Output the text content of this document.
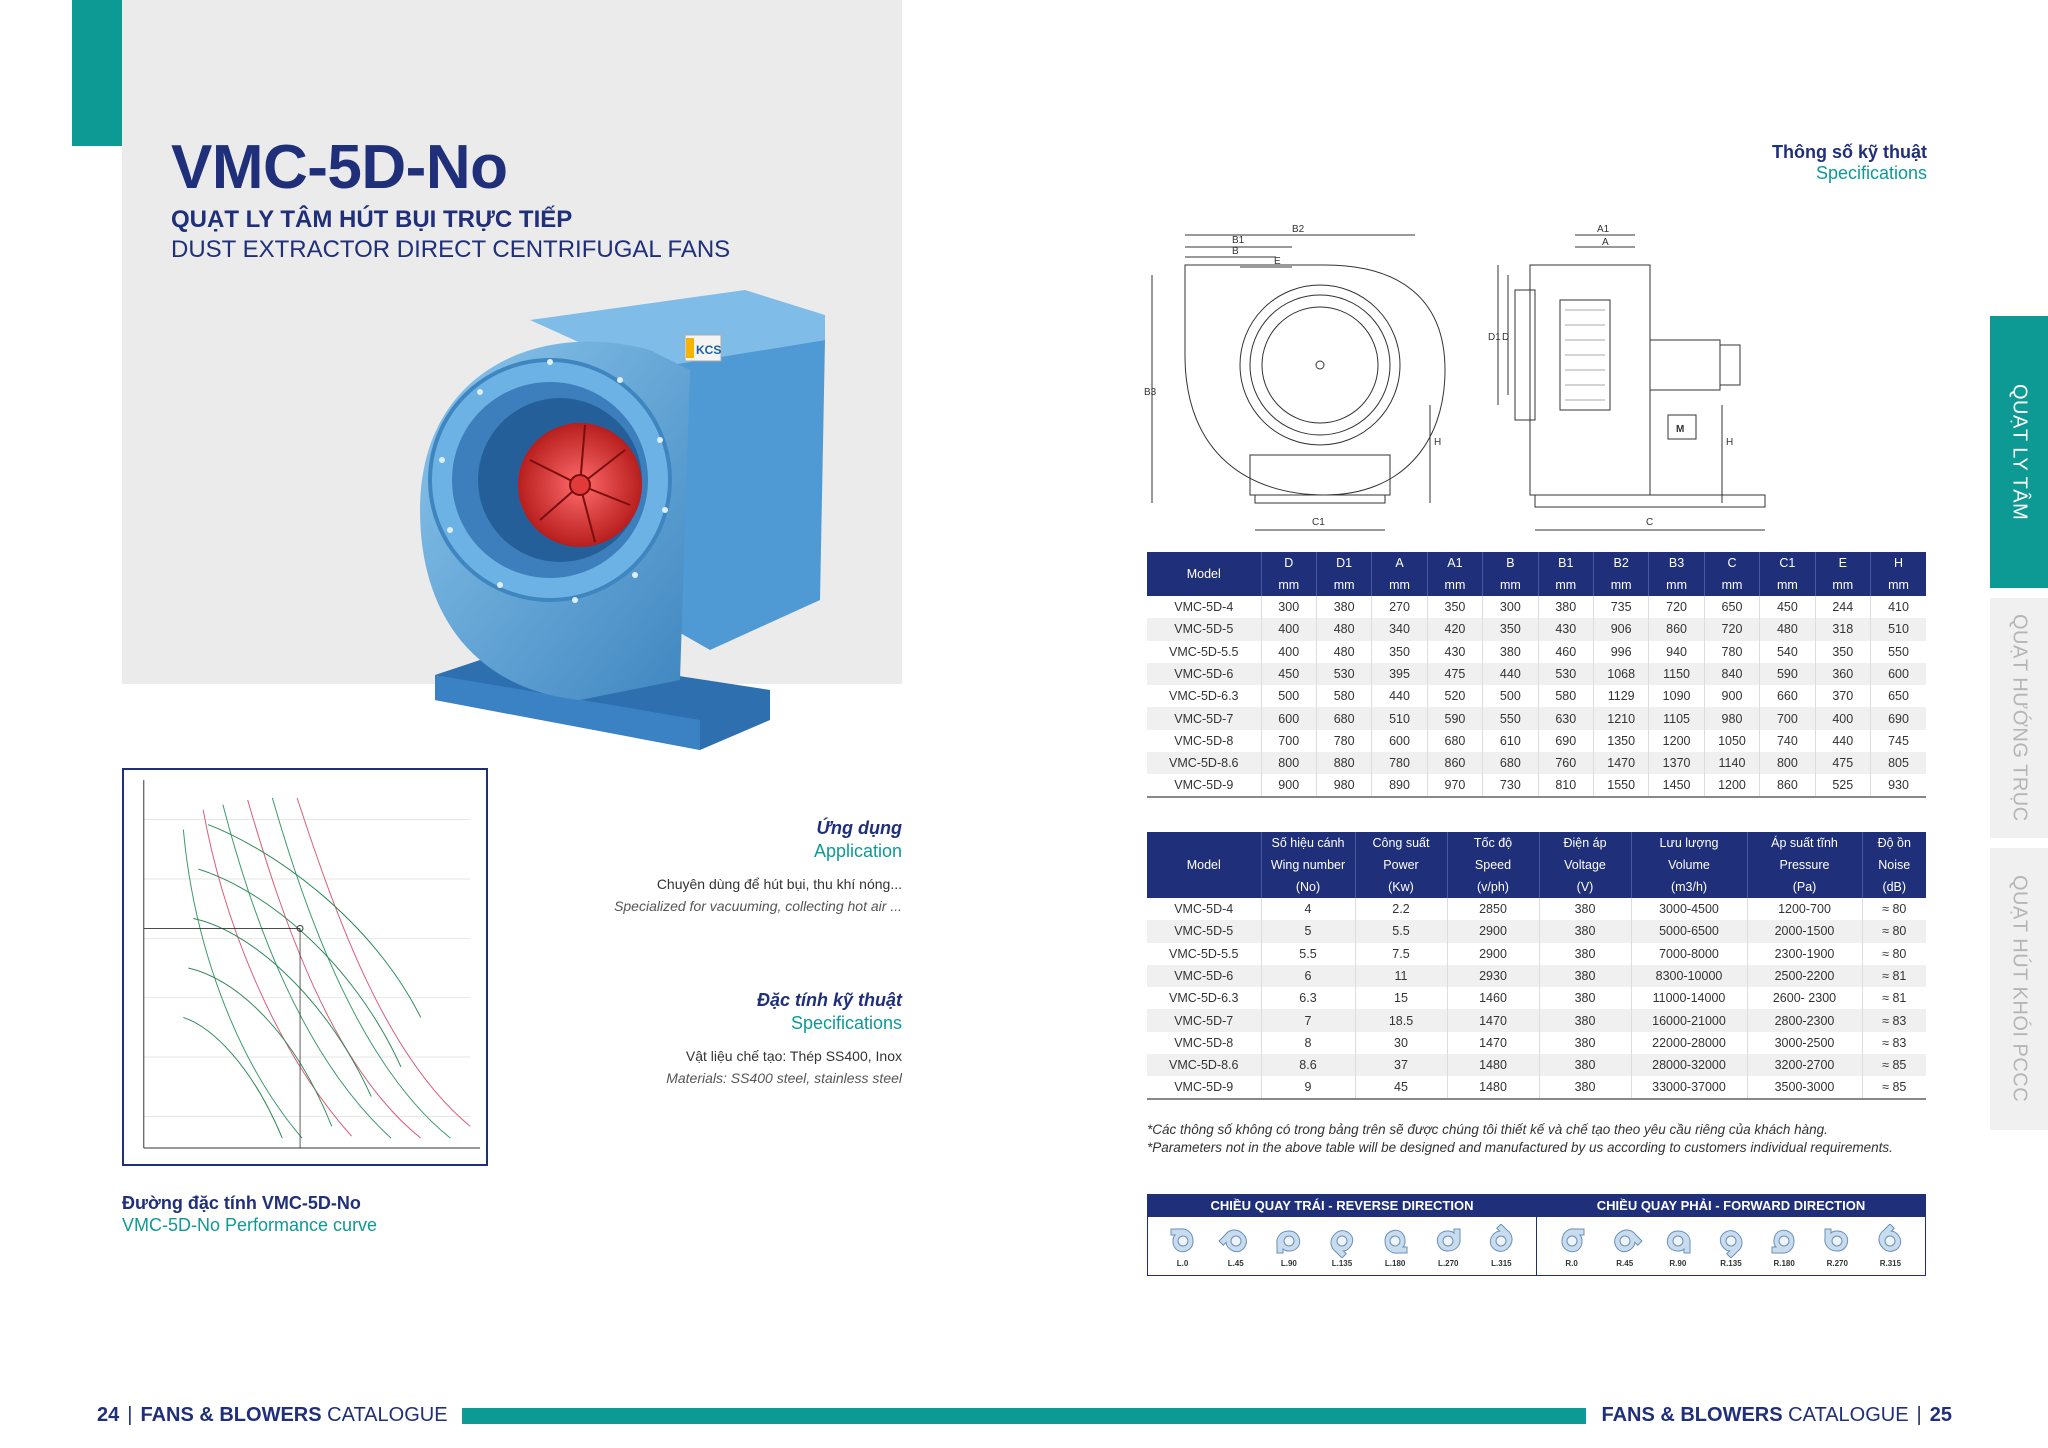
VMC-5D-No
QUẠT LY TÂM HÚT BỤI TRỰC TIẾP
DUST EXTRACTOR DIRECT CENTRIFUGAL FANS
KCS
Đường đặc tính VMC-5D-No
VMC-5D-No Performance curve
Ứng dụng
Application
Chuyên dùng để hút bụi, thu khí nóng...
Specialized for vacuuming, collecting hot air ...
Đặc tính kỹ thuật
Specifications
Vật liệu chế tạo: Thép SS400, Inox
Materials: SS400 steel, stainless steel
Thông số kỹ thuật
Specifications
B2
B1
B
E
B3
H
C1
A1
A
D1 D
H
C
M
Model	D	D1	A	A1	B	B1	B2	B3	C	C1	E	H
	mm	mm	mm	mm	mm	mm	mm	mm	mm	mm	mm	mm
VMC-5D-4	300	380	270	350	300	380	735	720	650	450	244	410
VMC-5D-5	400	480	340	420	350	430	906	860	720	480	318	510
VMC-5D-5.5	400	480	350	430	380	460	996	940	780	540	350	550
VMC-5D-6	450	530	395	475	440	530	1068	1150	840	590	360	600
VMC-5D-6.3	500	580	440	520	500	580	1129	1090	900	660	370	650
VMC-5D-7	600	680	510	590	550	630	1210	1105	980	700	400	690
VMC-5D-8	700	780	600	680	610	690	1350	1200	1050	740	440	745
VMC-5D-8.6	800	880	780	860	680	760	1470	1370	1140	800	475	805
VMC-5D-9	900	980	890	970	730	810	1550	1450	1200	860	525	930
Model	Số hiệu cánh	Công suất	Tốc độ	Điện áp	Lưu lượng	Áp suất tĩnh	Độ ồn
	Wing number	Power	Speed	Voltage	Volume	Pressure	Noise
	(No)	(Kw)	(v/ph)	(V)	(m3/h)	(Pa)	(dB)
VMC-5D-4	4	2.2	2850	380	3000-4500	1200-700	≈ 80
VMC-5D-5	5	5.5	2900	380	5000-6500	2000-1500	≈ 80
VMC-5D-5.5	5.5	7.5	2900	380	7000-8000	2300-1900	≈ 80
VMC-5D-6	6	11	2930	380	8300-10000	2500-2200	≈ 81
VMC-5D-6.3	6.3	15	1460	380	11000-14000	2600- 2300	≈ 81
VMC-5D-7	7	18.5	1470	380	16000-21000	2800-2300	≈ 83
VMC-5D-8	8	30	1470	380	22000-28000	3000-2500	≈ 83
VMC-5D-8.6	8.6	37	1480	380	28000-32000	3200-2700	≈ 85
VMC-5D-9	9	45	1480	380	33000-37000	3500-3000	≈ 85
*Các thông số không có trong bảng trên sẽ được chúng tôi thiết kế và chế tạo theo yêu cầu riêng của khách hàng.
*Parameters not in the above table will be designed and manufactured by us according to customers individual requirements.
CHIỀU QUAY TRÁI - REVERSE DIRECTION
L.0	L.45	L.90	L.135	L.180	L.270	L.315
CHIỀU QUAY PHẢI - FORWARD DIRECTION
R.0	R.45	R.90	R.135	R.180	R.270	R.315
QUẠT LY TÂM
QUẠT HƯỚNG TRỤC
QUẠT HÚT KHÓI PCCC
24 | FANS & BLOWERS CATALOGUE	FANS & BLOWERS CATALOGUE | 25
